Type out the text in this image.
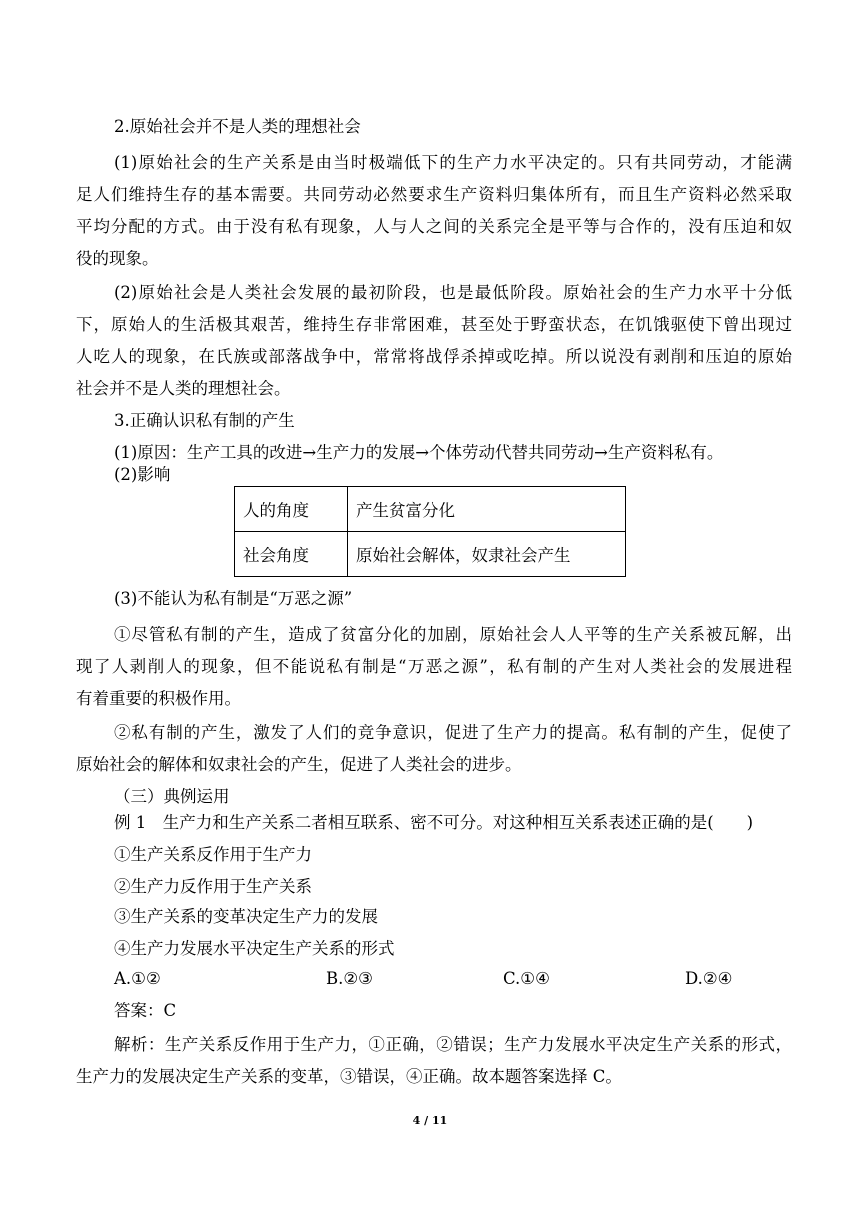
2.原始社会并不是人类的理想社会
(1)原始社会的生产关系是由当时极端低下的生产力水平决定的。只有共同劳动，才能满
足人们维持生存的基本需要。共同劳动必然要求生产资料归集体所有，而且生产资料必然采取
平均分配的方式。由于没有私有现象，人与人之间的关系完全是平等与合作的，没有压迫和奴
役的现象。
(2)原始社会是人类社会发展的最初阶段，也是最低阶段。原始社会的生产力水平十分低
下，原始人的生活极其艰苦，维持生存非常困难，甚至处于野蛮状态，在饥饿驱使下曾出现过
人吃人的现象，在氏族或部落战争中，常常将战俘杀掉或吃掉。所以说没有剥削和压迫的原始
社会并不是人类的理想社会。
3.正确认识私有制的产生
(1)原因：生产工具的改进→生产力的发展→个体劳动代替共同劳动→生产资料私有。
(2)影响
人的角度	产生贫富分化
社会角度	原始社会解体，奴隶社会产生
(3)不能认为私有制是“万恶之源”
①尽管私有制的产生，造成了贫富分化的加剧，原始社会人人平等的生产关系被瓦解，出
现了人剥削人的现象，但不能说私有制是“万恶之源”，私有制的产生对人类社会的发展进程
有着重要的积极作用。
②私有制的产生，激发了人们的竞争意识，促进了生产力的提高。私有制的产生，促使了
原始社会的解体和奴隶社会的产生，促进了人类社会的进步。
（三）典例运用
例 1　生产力和生产关系二者相互联系、密不可分。对这种相互关系表述正确的是(　　)
①生产关系反作用于生产力
②生产力反作用于生产关系
③生产关系的变革决定生产力的发展
④生产力发展水平决定生产关系的形式
A.①②	B.②③	C.①④	D.②④
答案：C
解析：生产关系反作用于生产力，①正确，②错误；生产力发展水平决定生产关系的形式，
生产力的发展决定生产关系的变革，③错误，④正确。故本题答案选择 C。
4 / 11
